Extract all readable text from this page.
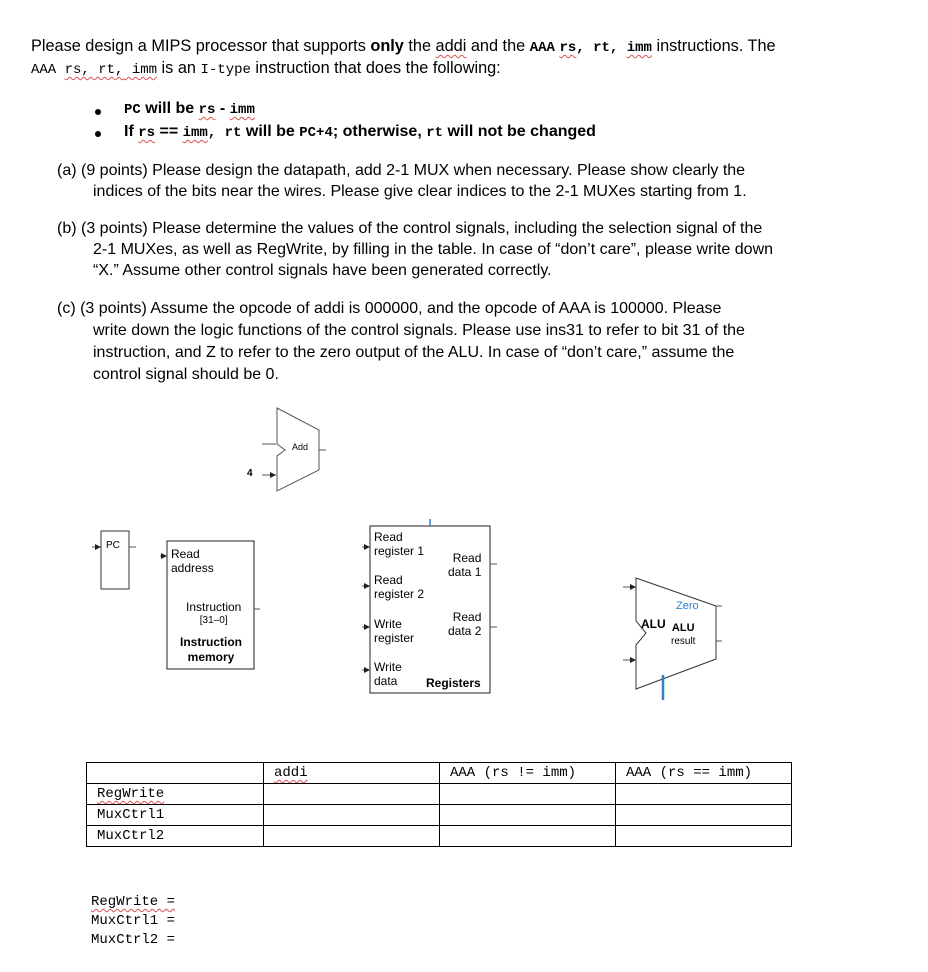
Please design a MIPS processor that supports only the addi and the AAA rs, rt, imm instructions. The
AAA rs, rt, imm is an I-type instruction that does the following:
PC will be rs - imm
If rs == imm, rt will be PC+4; otherwise, rt will not be changed
(a) (9 points) Please design the datapath, add 2-1 MUX when necessary. Please show clearly the
indices of the bits near the wires. Please give clear indices to the 2-1 MUXes starting from 1.
(b) (3 points) Please determine the values of the control signals, including the selection signal of the
2-1 MUXes, as well as RegWrite, by filling in the table. In case of “don’t care”, please write down
“X.” Assume other control signals have been generated correctly.
(c) (3 points) Assume the opcode of addi is 000000, and the opcode of AAA is 100000. Please
write down the logic functions of the control signals. Please use ins31 to refer to bit 31 of the
instruction, and Z to refer to the zero output of the ALU. In case of “don’t care,” assume the
control signal should be 0.
Add
4
PC
Read
address
Instruction
[31–0]
Instruction
memory
Read
register 1
Read
register 2
Write
register
Write
data
Read
data 1
Read
data 2
Registers
ALU
Zero
ALU
result
	addi	AAA (rs != imm)	AAA (rs == imm)
RegWrite			
MuxCtrl1			
MuxCtrl2			
RegWrite =
MuxCtrl1 =
MuxCtrl2 =
